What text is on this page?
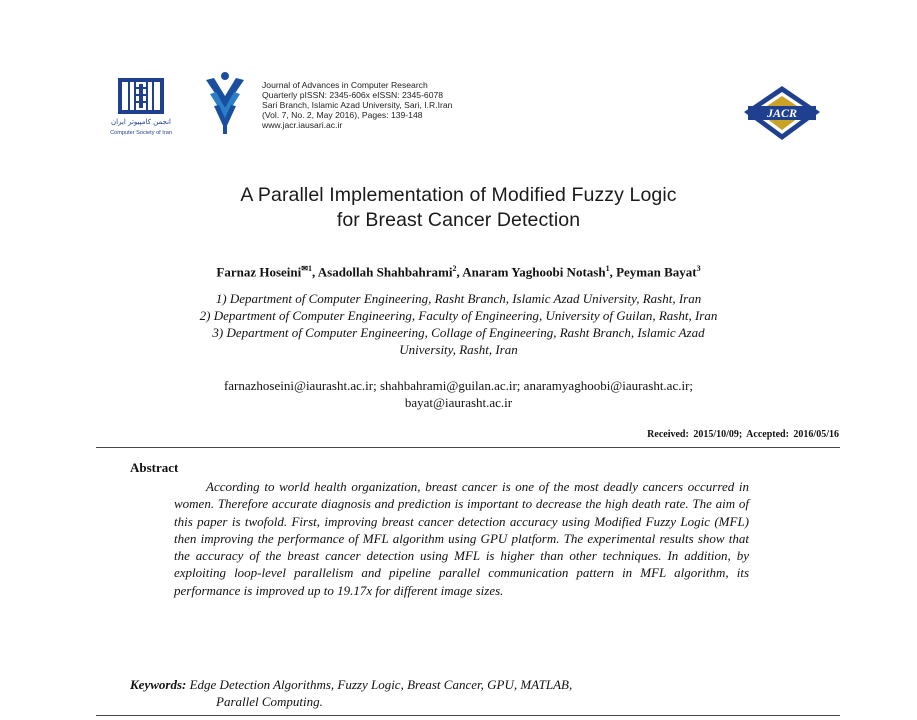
انجمن کامپیوتر ایران
Computer Society of Iran
Journal of Advances in Computer Research
Quarterly pISSN: 2345-606x eISSN: 2345-6078
Sari Branch, Islamic Azad University, Sari, I.R.Iran
(Vol. 7, No. 2, May 2016), Pages: 139-148
www.jacr.iausari.ac.ir
JACR
A Parallel Implementation of Modified Fuzzy Logic
for Breast Cancer Detection
Farnaz Hoseini$^{✉1}$, Asadollah Shahbahrami$^2$, Anaram Yaghoobi Notash$^1$, Peyman Bayat$^3$
1) Department of Computer Engineering, Rasht Branch, Islamic Azad University, Rasht, Iran
2) Department of Computer Engineering, Faculty of Engineering, University of Guilan, Rasht, Iran
3) Department of Computer Engineering, Collage of Engineering, Rasht Branch, Islamic Azad
University, Rasht, Iran
farnazhoseini@iaurasht.ac.ir; shahbahrami@guilan.ac.ir; anaramyaghoobi@iaurasht.ac.ir;
bayat@iaurasht.ac.ir
Received: 2015/10/09; Accepted: 2016/05/16
Abstract
According to world health organization, breast cancer is one of the most deadly cancers occurred in women. Therefore accurate diagnosis and prediction is important to decrease the high death rate. The aim of this paper is twofold. First, improving breast cancer detection accuracy using Modified Fuzzy Logic (MFL) then improving the performance of MFL algorithm using GPU platform. The experimental results show that the accuracy of the breast cancer detection using MFL is higher than other techniques. In addition, by exploiting loop-level parallelism and pipeline parallel communication pattern in MFL algorithm, its performance is improved up to 19.17x for different image sizes.
Keywords: Edge Detection Algorithms, Fuzzy Logic, Breast Cancer, GPU, MATLAB,
Parallel Computing.
